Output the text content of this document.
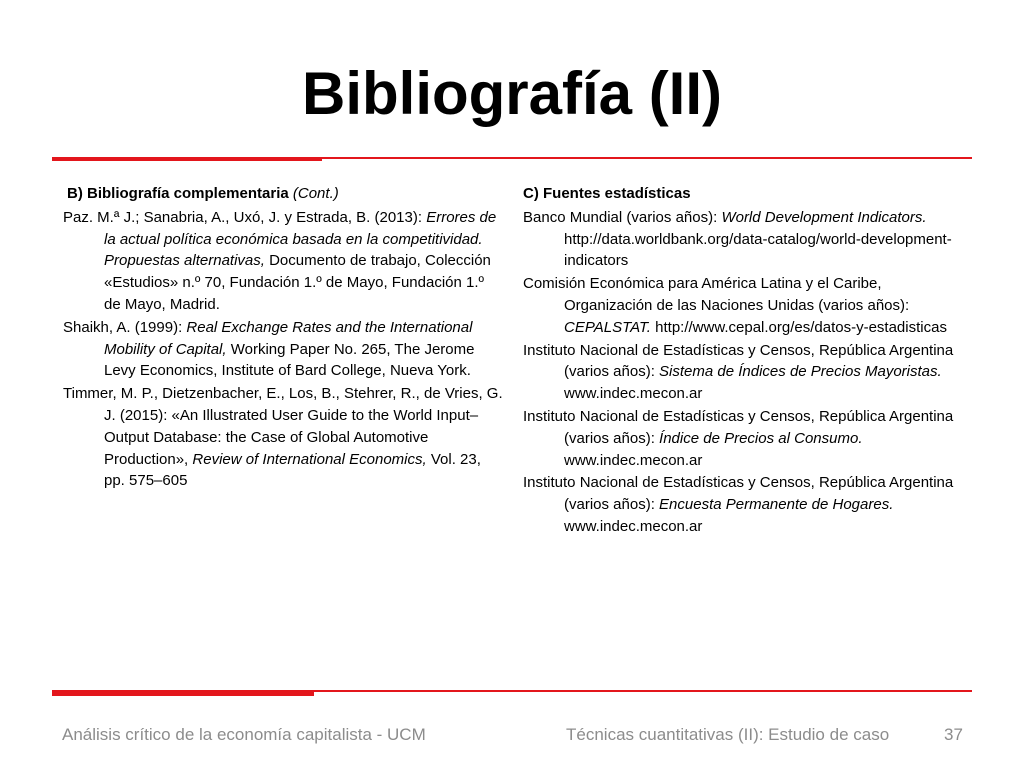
Bibliografía (II)
B) Bibliografía complementaria (Cont.)

Paz. M.ª J.; Sanabria, A., Uxó, J. y Estrada, B. (2013): Errores de la actual política económica basada en la competitividad. Propuestas alternativas, Documento de trabajo, Colección «Estudios» n.º 70, Fundación 1.º de Mayo, Fundación 1.º de Mayo, Madrid.

Shaikh, A. (1999): Real Exchange Rates and the International Mobility of Capital, Working Paper No. 265, The Jerome Levy Economics, Institute of Bard College, Nueva York.

Timmer, M. P., Dietzenbacher, E., Los, B., Stehrer, R., de Vries, G. J. (2015): «An Illustrated User Guide to the World Input–Output Database: the Case of Global Automotive Production», Review of International Economics, Vol. 23, pp. 575–605

C) Fuentes estadísticas

Banco Mundial (varios años): World Development Indicators. http://data.worldbank.org/data-catalog/world-development-indicators

Comisión Económica para América Latina y el Caribe, Organización de las Naciones Unidas (varios años): CEPALSTAT. http://www.cepal.org/es/datos-y-estadisticas

Instituto Nacional de Estadísticas y Censos, República Argentina (varios años): Sistema de Índices de Precios Mayoristas. www.indec.mecon.ar

Instituto Nacional de Estadísticas y Censos, República Argentina (varios años): Índice de Precios al Consumo. www.indec.mecon.ar

Instituto Nacional de Estadísticas y Censos, República Argentina (varios años): Encuesta Permanente de Hogares. www.indec.mecon.ar

Análisis crítico de la economía capitalista - UCM	Técnicas cuantitativas (II): Estudio de caso	37
